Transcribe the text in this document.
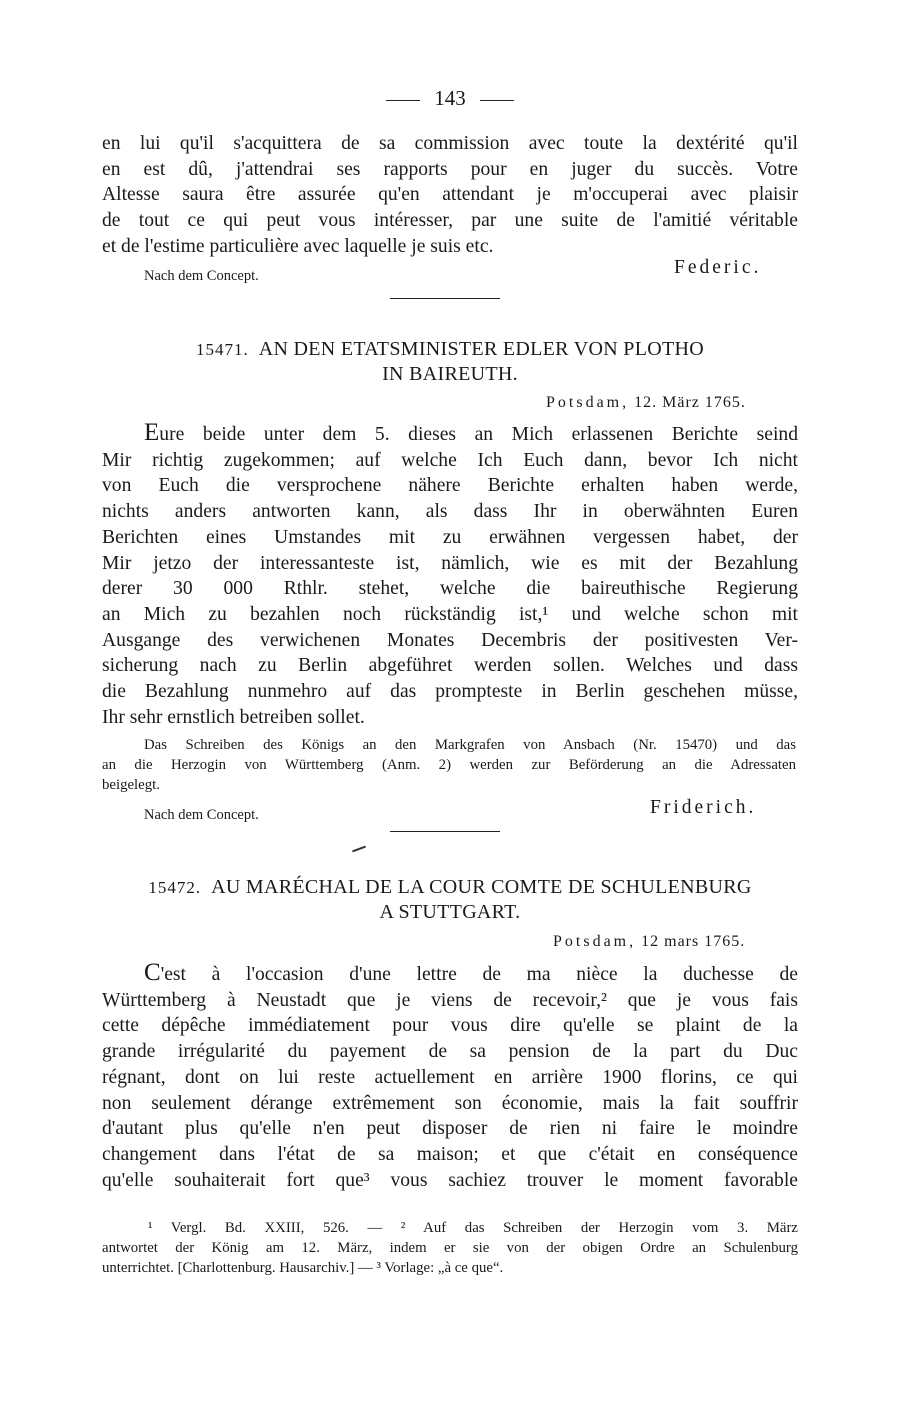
143

en lui qu'il s'acquittera de sa commission avec toute la dextérité qu'il
en est dû, j'attendrai ses rapports pour en juger du succès. Votre
Altesse saura être assurée qu'en attendant je m'occuperai avec plaisir
de tout ce qui peut vous intéresser, par une suite de l'amitié véritable
et de l'estime particulière avec laquelle je suis etc.

Nach dem Concept.	Federic.
15471. AN DEN ETATSMINISTER EDLER VON PLOTHO
IN BAIREUTH.
Potsdam, 12. März 1765.

Eure beide unter dem 5. dieses an Mich erlassenen Berichte seind
Mir richtig zugekommen; auf welche Ich Euch dann, bevor Ich nicht
von Euch die versprochene nähere Berichte erhalten haben werde,
nichts anders antworten kann, als dass Ihr in oberwähnten Euren
Berichten eines Umstandes mit zu erwähnen vergessen habet, der
Mir jetzo der interessanteste ist, nämlich, wie es mit der Bezahlung
derer 30 000 Rthlr. stehet, welche die baireuthische Regierung
an Mich zu bezahlen noch rückständig ist,¹ und welche schon mit
Ausgange des verwichenen Monates Decembris der positivesten Ver-
sicherung nach zu Berlin abgeführet werden sollen. Welches und dass
die Bezahlung nunmehro auf das prompteste in Berlin geschehen müsse,
Ihr sehr ernstlich betreiben sollet.

Das Schreiben des Königs an den Markgrafen von Ansbach (Nr. 15470) und das
an die Herzogin von Württemberg (Anm. 2) werden zur Beförderung an die Adressaten
beigelegt.

Nach dem Concept.	Friderich.
15472. AU MARÉCHAL DE LA COUR COMTE DE SCHULENBURG
A STUTTGART.
Potsdam, 12 mars 1765.

C'est à l'occasion d'une lettre de ma nièce la duchesse de
Württemberg à Neustadt que je viens de recevoir,² que je vous fais
cette dépêche immédiatement pour vous dire qu'elle se plaint de la
grande irrégularité du payement de sa pension de la part du Duc
régnant, dont on lui reste actuellement en arrière 1900 florins, ce qui
non seulement dérange extrêmement son économie, mais la fait souffrir
d'autant plus qu'elle n'en peut disposer de rien ni faire le moindre
changement dans l'état de sa maison; et que c'était en conséquence
qu'elle souhaiterait fort que³ vous sachiez trouver le moment favorable

¹ Vergl. Bd. XXIII, 526. — ² Auf das Schreiben der Herzogin vom 3. März
antwortet der König am 12. März, indem er sie von der obigen Ordre an Schulenburg
unterrichtet. [Charlottenburg. Hausarchiv.] — ³ Vorlage: „à ce que“.
